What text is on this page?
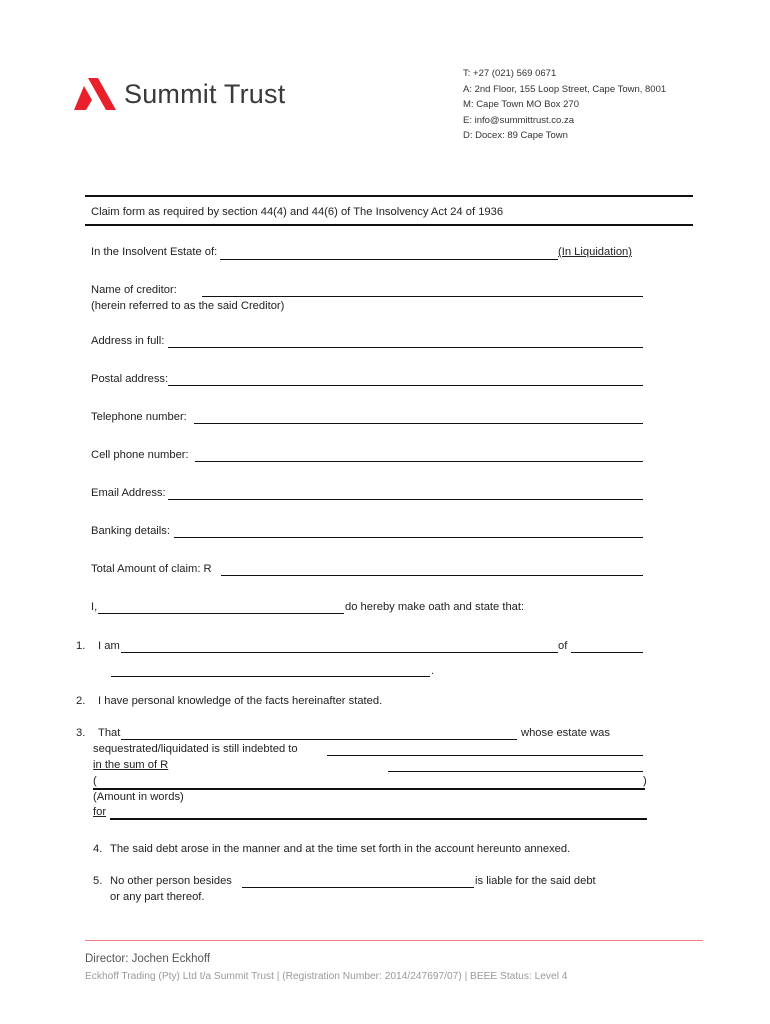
Summit Trust
T: +27 (021) 569 0671
A: 2nd Floor, 155 Loop Street, Cape Town, 8001
M: Cape Town MO Box 270
E: info@summittrust.co.za
D: Docex: 89 Cape Town
Claim form as required by section 44(4) and 44(6) of The Insolvency Act 24 of 1936
In the Insolvent Estate of:	(In Liquidation)
Name of creditor:
(herein referred to as the said Creditor)
Address in full:
Postal address:
Telephone number:
Cell phone number:
Email Address:
Banking details:
Total Amount of claim: R
I,	do hereby make oath and state that:
1. I am	of
.
2. I have personal knowledge of the facts hereinafter stated.
3. That	whose estate was
sequestrated/liquidated is still indebted to
in the sum of R
(	)
(Amount in words)
for
4. The said debt arose in the manner and at the time set forth in the account hereunto annexed.
5. No other person besides	is liable for the said debt
or any part thereof.
Director: Jochen Eckhoff
Eckhoff Trading (Pty) Ltd t/a Summit Trust | (Registration Number: 2014/247697/07) | BEEE Status: Level 4
